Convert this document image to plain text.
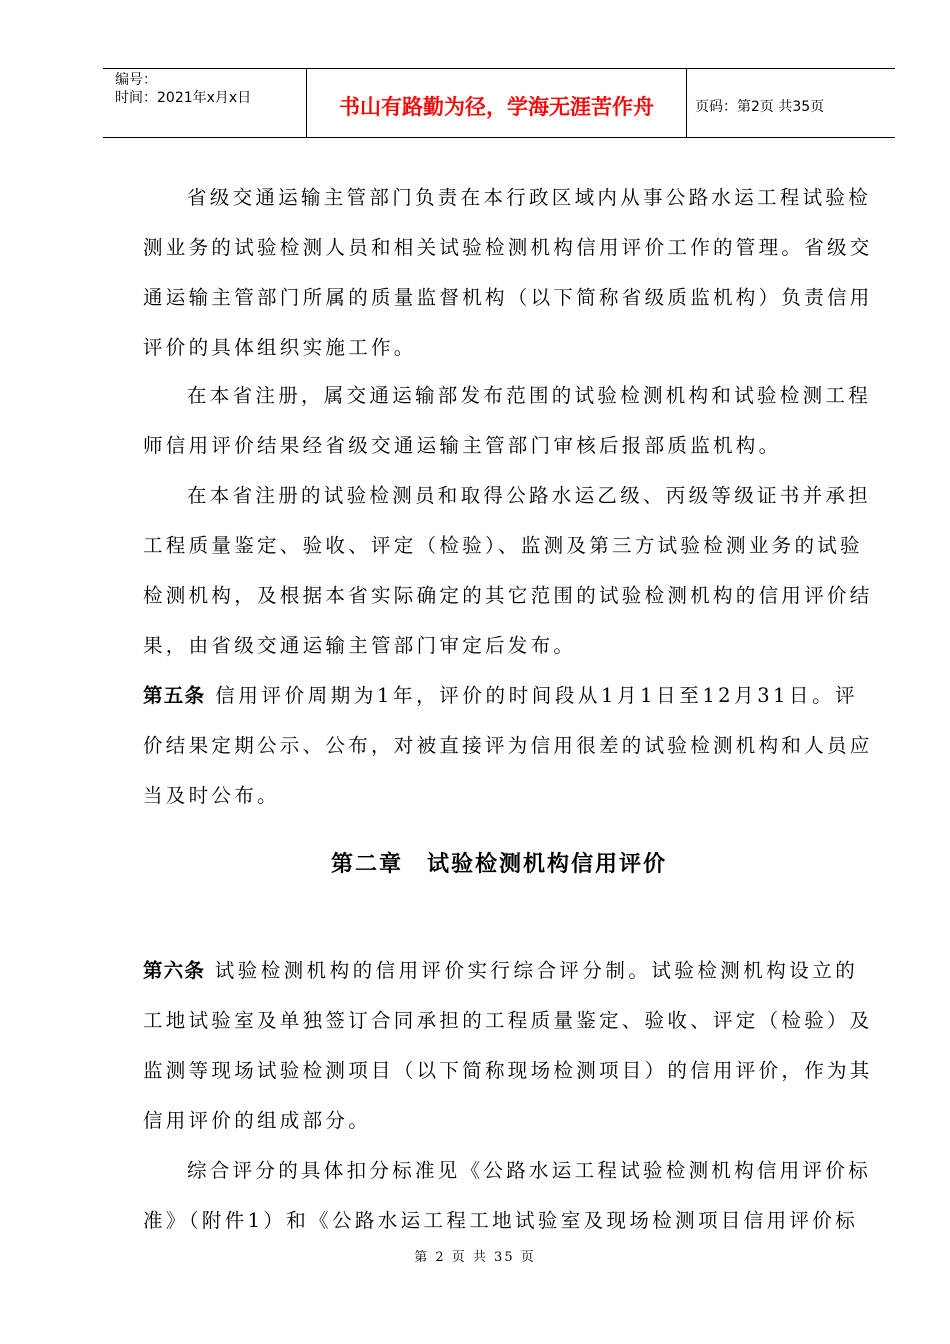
编号：
时间：2021年x月x日	书山有路勤为径，学海无涯苦作舟	页码：第2页 共35页
省级交通运输主管部门负责在本行政区域内从事公路水运工程试验检
测业务的试验检测人员和相关试验检测机构信用评价工作的管理。省级交
通运输主管部门所属的质量监督机构（以下简称省级质监机构）负责信用
评价的具体组织实施工作。
在本省注册，属交通运输部发布范围的试验检测机构和试验检测工程
师信用评价结果经省级交通运输主管部门审核后报部质监机构。
在本省注册的试验检测员和取得公路水运乙级、丙级等级证书并承担
工程质量鉴定、验收、评定（检验）、监测及第三方试验检测业务的试验
检测机构，及根据本省实际确定的其它范围的试验检测机构的信用评价结
果，由省级交通运输主管部门审定后发布。
第五条 信用评价周期为1年，评价的时间段从1月1日至12月31日。评
价结果定期公示、公布，对被直接评为信用很差的试验检测机构和人员应
当及时公布。
第六条 试验检测机构的信用评价实行综合评分制。试验检测机构设立的
工地试验室及单独签订合同承担的工程质量鉴定、验收、评定（检验）及
监测等现场试验检测项目（以下简称现场检测项目）的信用评价，作为其
信用评价的组成部分。
综合评分的具体扣分标准见《公路水运工程试验检测机构信用评价标
准》（附件1）和《公路水运工程工地试验室及现场检测项目信用评价标
第二章　试验检测机构信用评价
第 2 页 共 35 页
